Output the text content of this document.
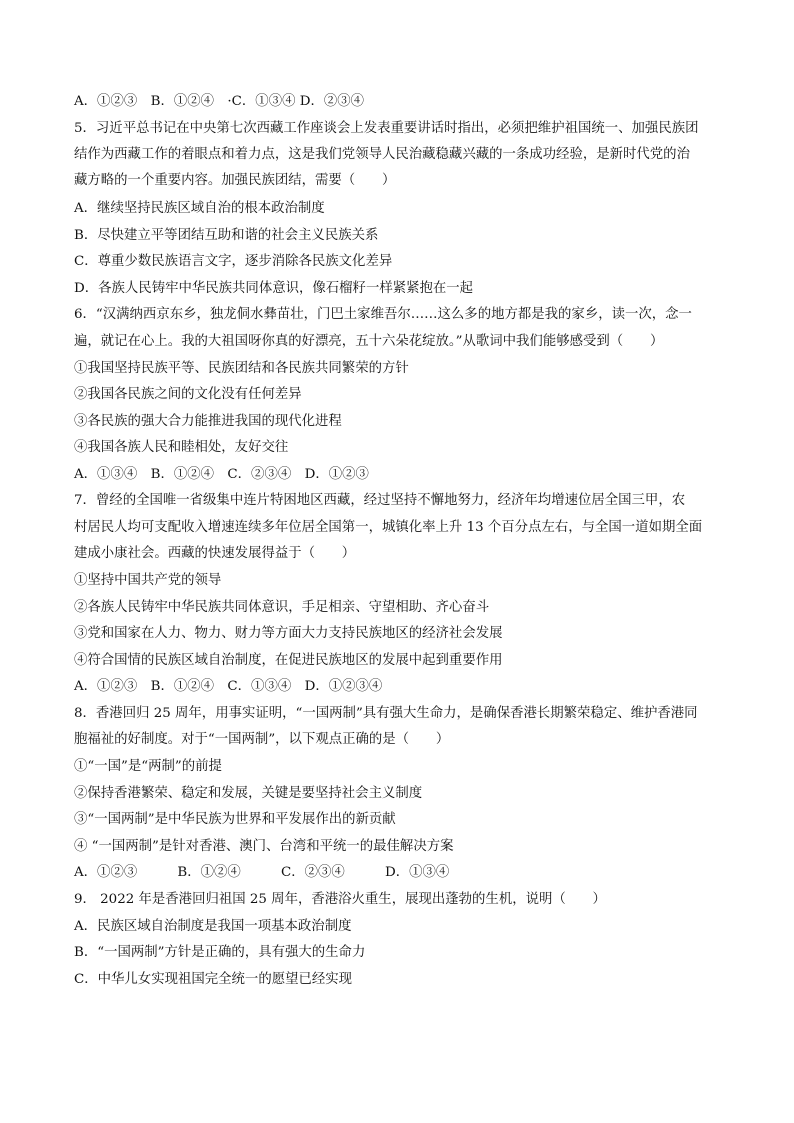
A．①②③　B．①②④　·C．①③④ D．②③④
5．习近平总书记在中央第七次西藏工作座谈会上发表重要讲话时指出，必须把维护祖国统一、加强民族团
结作为西藏工作的着眼点和着力点，这是我们党领导人民治藏稳藏兴藏的一条成功经验，是新时代党的治
藏方略的一个重要内容。加强民族团结，需要（　　）
A．继续坚持民族区域自治的根本政治制度
B．尽快建立平等团结互助和谐的社会主义民族关系
C．尊重少数民族语言文字，逐步消除各民族文化差异
D．各族人民铸牢中华民族共同体意识，像石榴籽一样紧紧抱在一起
6．“汉满纳西京东乡，独龙侗水彝苗壮，门巴土家维吾尔……这么多的地方都是我的家乡，读一次，念一
遍，就记在心上。我的大祖国呀你真的好漂亮，五十六朵花绽放。”从歌词中我们能够感受到（　　）
①我国坚持民族平等、民族团结和各民族共同繁荣的方针
②我国各民族之间的文化没有任何差异
③各民族的强大合力能推进我国的现代化进程
④我国各族人民和睦相处，友好交往
A．①③④　B．①②④　C．②③④　D．①②③
7．曾经的全国唯一省级集中连片特困地区西藏，经过坚持不懈地努力，经济年均增速位居全国三甲，农
村居民人均可支配收入增速连续多年位居全国第一，城镇化率上升 13 个百分点左右，与全国一道如期全面
建成小康社会。西藏的快速发展得益于（　　）
①坚持中国共产党的领导
②各族人民铸牢中华民族共同体意识，手足相亲、守望相助、齐心奋斗
③党和国家在人力、物力、财力等方面大力支持民族地区的经济社会发展
④符合国情的民族区域自治制度，在促进民族地区的发展中起到重要作用
A．①②③　B．①②④　C．①③④　D．①②③④
8．香港回归 25 周年，用事实证明，“一国两制”具有强大生命力，是确保香港长期繁荣稳定、维护香港同
胞福祉的好制度。对于“一国两制”，以下观点正确的是（　　）
①“一国”是“两制”的前提
②保持香港繁荣、稳定和发展，关键是要坚持社会主义制度
③“一国两制”是中华民族为世界和平发展作出的新贡献
④ “一国两制”是针对香港、澳门、台湾和平统一的最佳解决方案
A．①②③　　　B．①②④　　　C．②③④　　　D．①③④
9． 2022 年是香港回归祖国 25 周年，香港浴火重生，展现出蓬勃的生机，说明（　　）
A．民族区域自治制度是我国一项基本政治制度
B．“一国两制”方针是正确的，具有强大的生命力
C．中华儿女实现祖国完全统一的愿望已经实现
